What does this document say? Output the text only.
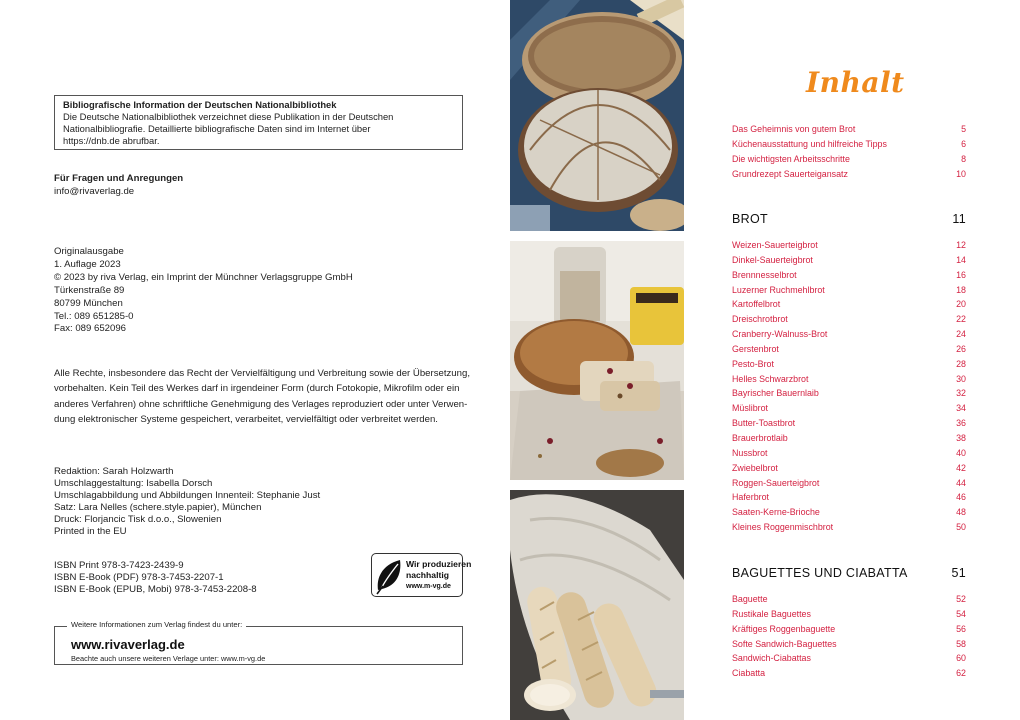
Bibliografische Information der Deutschen Nationalbibliothek
Die Deutsche Nationalbibliothek verzeichnet diese Publikation in der Deutschen
Nationalbibliografie. Detaillierte bibliografische Daten sind im Internet über
https://dnb.de abrufbar.
Für Fragen und Anregungen
info@rivaverlag.de
Originalausgabe
1. Auflage 2023
© 2023 by riva Verlag, ein Imprint der Münchner Verlagsgruppe GmbH
Türkenstraße 89
80799 München
Tel.: 089 651285-0
Fax: 089 652096
Alle Rechte, insbesondere das Recht der Vervielfältigung und Verbreitung sowie der Übersetzung,
vorbehalten. Kein Teil des Werkes darf in irgendeiner Form (durch Fotokopie, Mikrofilm oder ein
anderes Verfahren) ohne schriftliche Genehmigung des Verlages reproduziert oder unter Verwen-
dung elektronischer Systeme gespeichert, verarbeitet, vervielfältigt oder verbreitet werden.
Redaktion: Sarah Holzwarth
Umschlaggestaltung: Isabella Dorsch
Umschlagabbildung und Abbildungen Innenteil: Stephanie Just
Satz: Lara Nelles (schere.style.papier), München
Druck: Florjancic Tisk d.o.o., Slowenien
Printed in the EU
ISBN Print 978-3-7423-2439-9
ISBN E-Book (PDF) 978-3-7453-2207-1
ISBN E-Book (EPUB, Mobi) 978-3-7453-2208-8
Wir produzieren
nachhaltig
www.m-vg.de
Weitere Informationen zum Verlag findest du unter:
www.rivaverlag.de
Beachte auch unsere weiteren Verlage unter: www.m-vg.de
Inhalt
Das Geheimnis von gutem Brot	5
Küchenausstattung und hilfreiche Tipps	6
Die wichtigsten Arbeitsschritte	8
Grundrezept Sauerteigansatz	10
BROT	11
Weizen-Sauerteigbrot	12
Dinkel-Sauerteigbrot	14
Brennnesselbrot	16
Luzerner Ruchmehlbrot	18
Kartoffelbrot	20
Dreischrotbrot	22
Cranberry-Walnuss-Brot	24
Gerstenbrot	26
Pesto-Brot	28
Helles Schwarzbrot	30
Bayrischer Bauernlaib	32
Müslibrot	34
Butter-Toastbrot	36
Brauerbrotlaib	38
Nussbrot	40
Zwiebelbrot	42
Roggen-Sauerteigbrot	44
Haferbrot	46
Saaten-Kerne-Brioche	48
Kleines Roggenmischbrot	50
BAGUETTES UND CIABATTA	51
Baguette	52
Rustikale Baguettes	54
Kräftiges Roggenbaguette	56
Softe Sandwich-Baguettes	58
Sandwich-Ciabattas	60
Ciabatta	62
